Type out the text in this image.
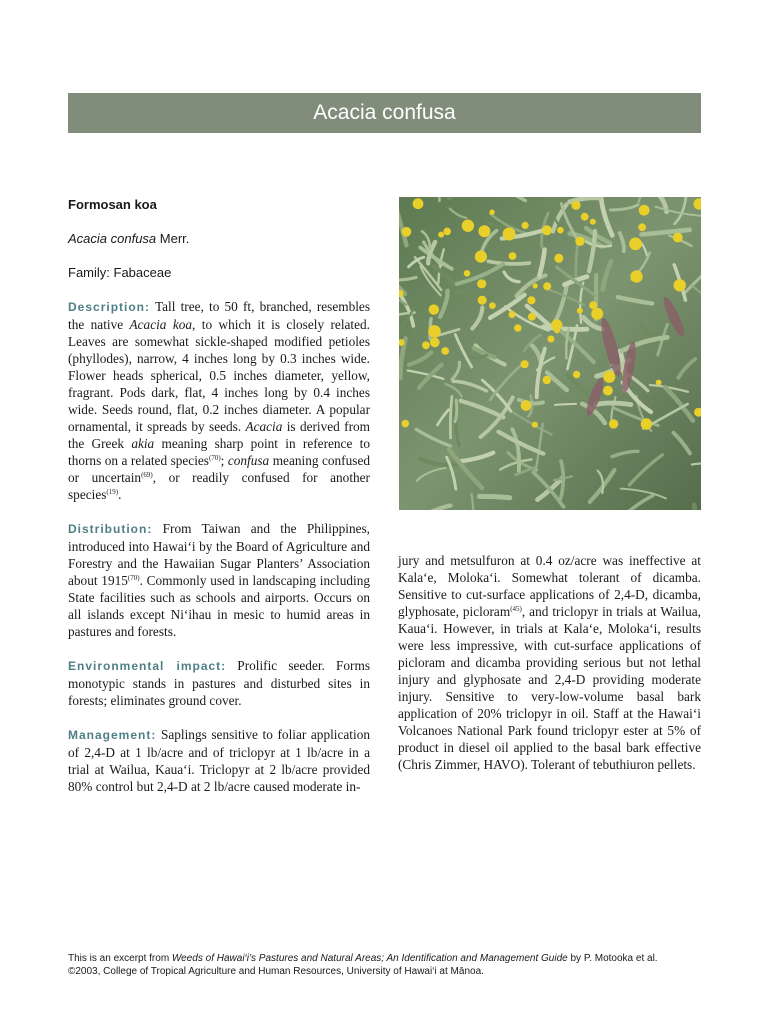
Acacia confusa
Formosan koa
Acacia confusa Merr.
Family: Fabaceae

Description: Tall tree, to 50 ft, branched, resembles the native Acacia koa, to which it is closely related. Leaves are somewhat sickle-shaped modified petioles (phyllodes), narrow, 4 inches long by 0.3 inches wide. Flower heads spherical, 0.5 inches diameter, yellow, fragrant. Pods dark, flat, 4 inches long by 0.4 inches wide. Seeds round, flat, 0.2 inches diameter. A popular ornamental, it spreads by seeds. Acacia is derived from the Greek akia meaning sharp point in reference to thorns on a related species$^{(70)}$; confusa meaning confused or uncertain$^{(69)}$, or readily confused for another species$^{(19)}$.

Distribution: From Taiwan and the Philippines, introduced into Hawai‘i by the Board of Agriculture and Forestry and the Hawaiian Sugar Planters’ Association about 1915$^{(70)}$. Commonly used in landscaping including State facilities such as schools and airports. Occurs on all islands except Ni‘ihau in mesic to humid areas in pastures and forests.

Environmental impact: Prolific seeder. Forms monotypic stands in pastures and disturbed sites in forests; eliminates ground cover.

Management: Saplings sensitive to foliar application of 2,4-D at 1 lb/acre and of triclopyr at 1 lb/acre in a trial at Wailua, Kaua‘i. Triclopyr at 2 lb/acre provided 80% control but 2,4-D at 2 lb/acre caused moderate in-

jury and metsulfuron at 0.4 oz/acre was ineffective at Kala‘e, Moloka‘i. Somewhat tolerant of dicamba. Sensitive to cut-surface applications of 2,4-D, dicamba, glyphosate, picloram$^{(45)}$, and triclopyr in trials at Wailua, Kaua‘i. However, in trials at Kala‘e, Moloka‘i, results were less impressive, with cut-surface applications of picloram and dicamba providing serious but not lethal injury and glyphosate and 2,4-D providing moderate injury. Sensitive to very-low-volume basal bark application of 20% triclopyr in oil. Staff at the Hawai‘i Volcanoes National Park found triclopyr ester at 5% of product in diesel oil applied to the basal bark effective (Chris Zimmer, HAVO). Tolerant of tebuthiuron pellets.

This is an excerpt from Weeds of Hawai‘i’s Pastures and Natural Areas; An Identification and Management Guide by P. Motooka et al.
©2003, College of Tropical Agriculture and Human Resources, University of Hawai‘i at Mānoa.
